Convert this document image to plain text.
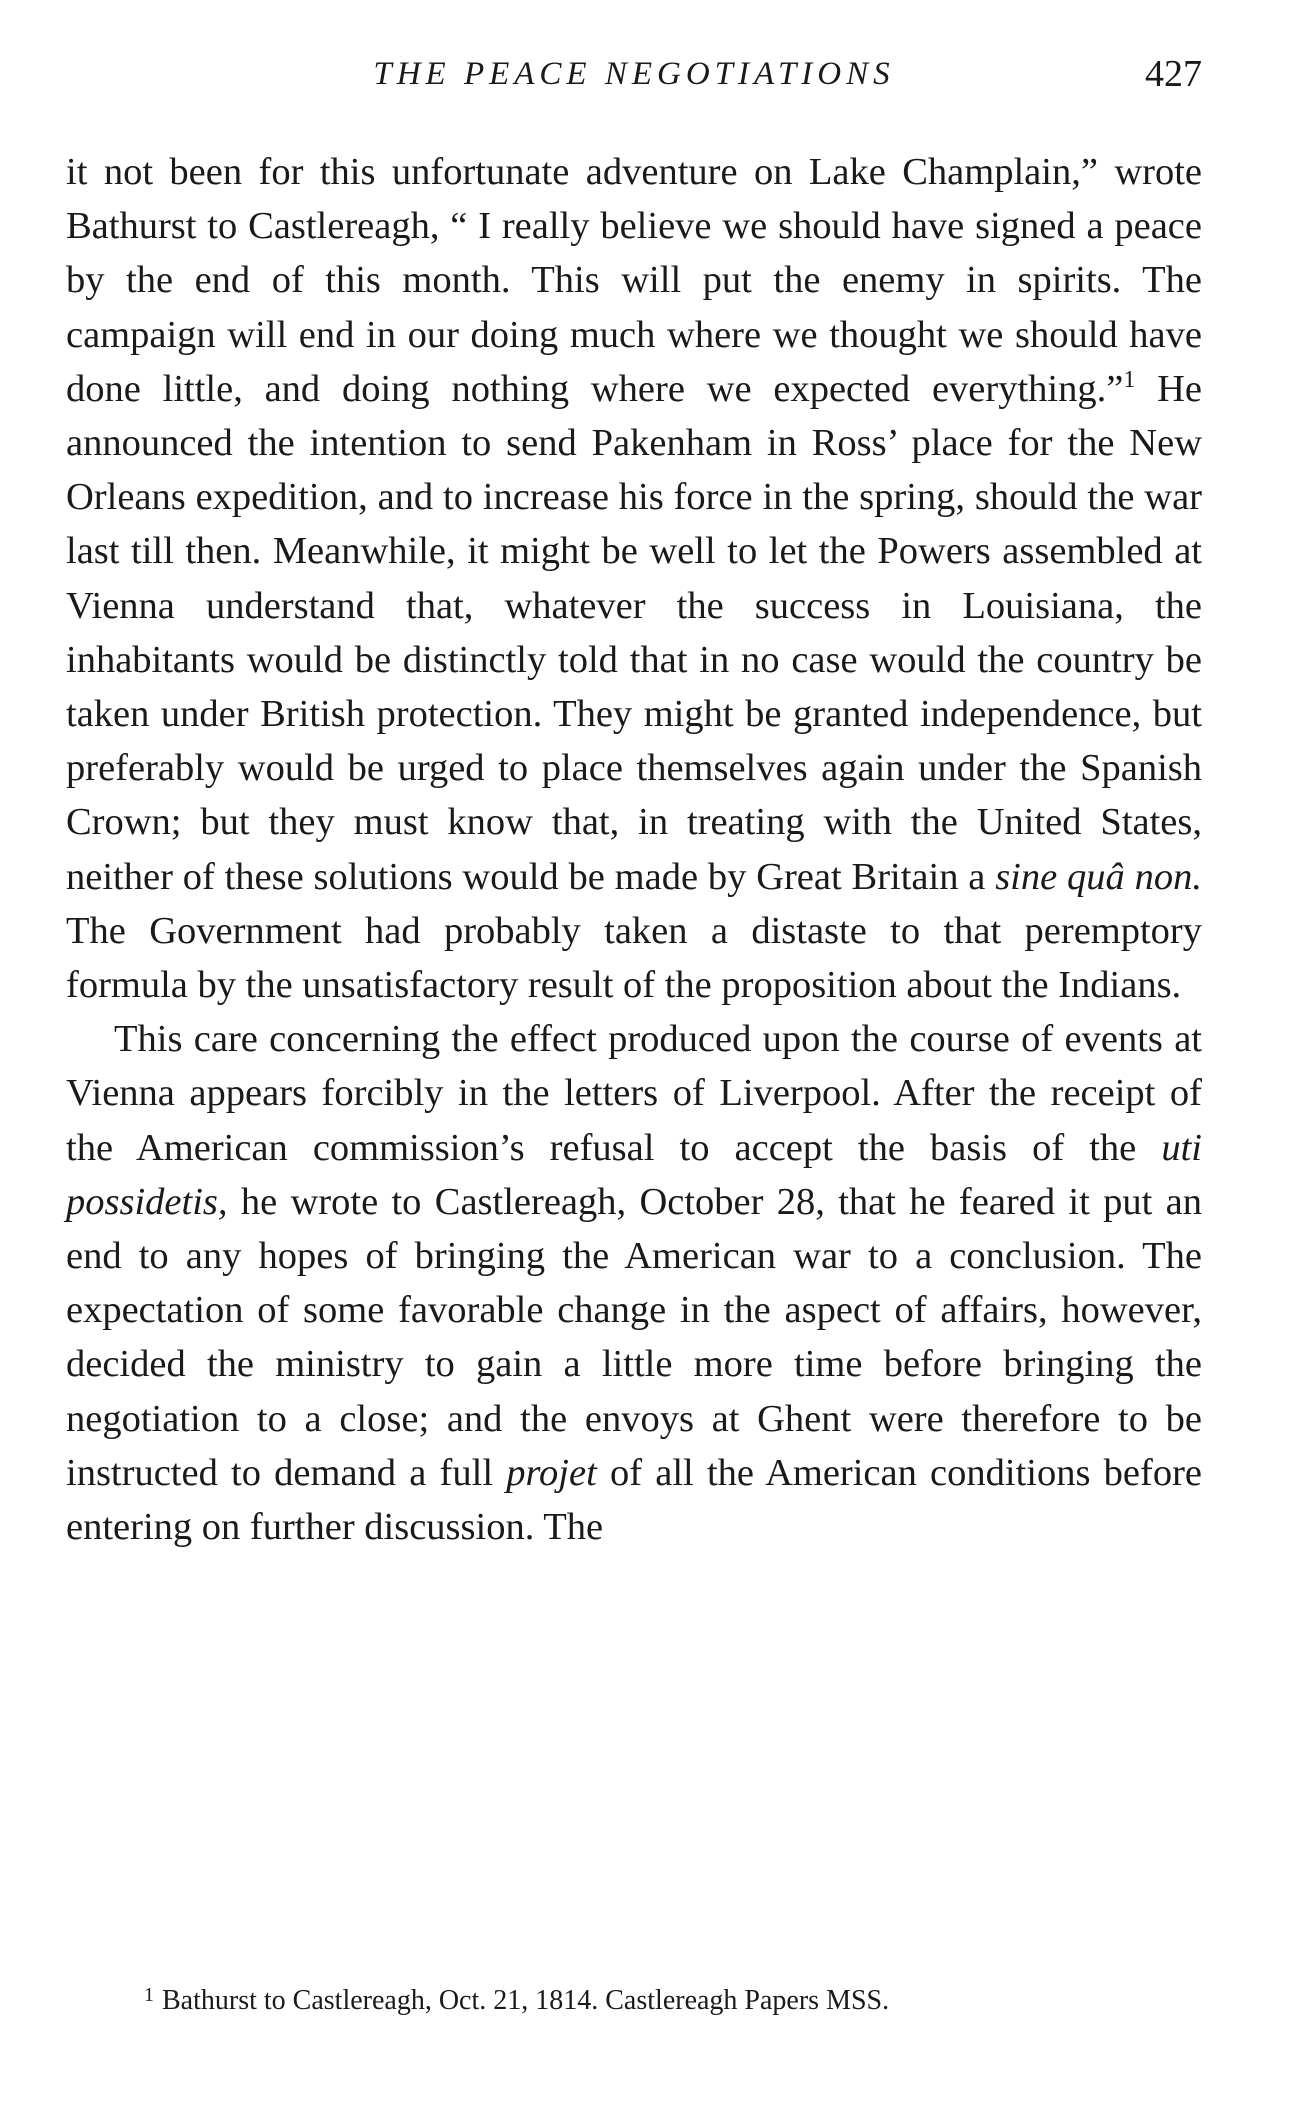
THE PEACE NEGOTIATIONS	427

it not been for this unfortunate adventure on Lake Champlain,” wrote Bathurst to Castlereagh, “ I really believe we should have signed a peace by the end of this month. This will put the enemy in spirits. The campaign will end in our doing much where we thought we should have done little, and doing nothing where we expected everything.”$^1$ He announced the intention to send Pakenham in Ross’ place for the New Orleans expedition, and to increase his force in the spring, should the war last till then. Meanwhile, it might be well to let the Powers assembled at Vienna understand that, whatever the success in Louisiana, the inhabitants would be distinctly told that in no case would the country be taken under British protection. They might be granted independence, but preferably would be urged to place themselves again under the Spanish Crown; but they must know that, in treating with the United States, neither of these solutions would be made by Great Britain a sine quâ non. The Government had probably taken a distaste to that peremptory formula by the unsatisfactory result of the proposition about the Indians.

This care concerning the effect produced upon the course of events at Vienna appears forcibly in the letters of Liverpool. After the receipt of the American commission’s refusal to accept the basis of the uti possidetis, he wrote to Castlereagh, October 28, that he feared it put an end to any hopes of bringing the American war to a conclusion. The expectation of some favorable change in the aspect of affairs, however, decided the ministry to gain a little more time before bringing the negotiation to a close; and the envoys at Ghent were therefore to be instructed to demand a full projet of all the American conditions before entering on further discussion. The

$^1$ Bathurst to Castlereagh, Oct. 21, 1814. Castlereagh Papers MSS.
